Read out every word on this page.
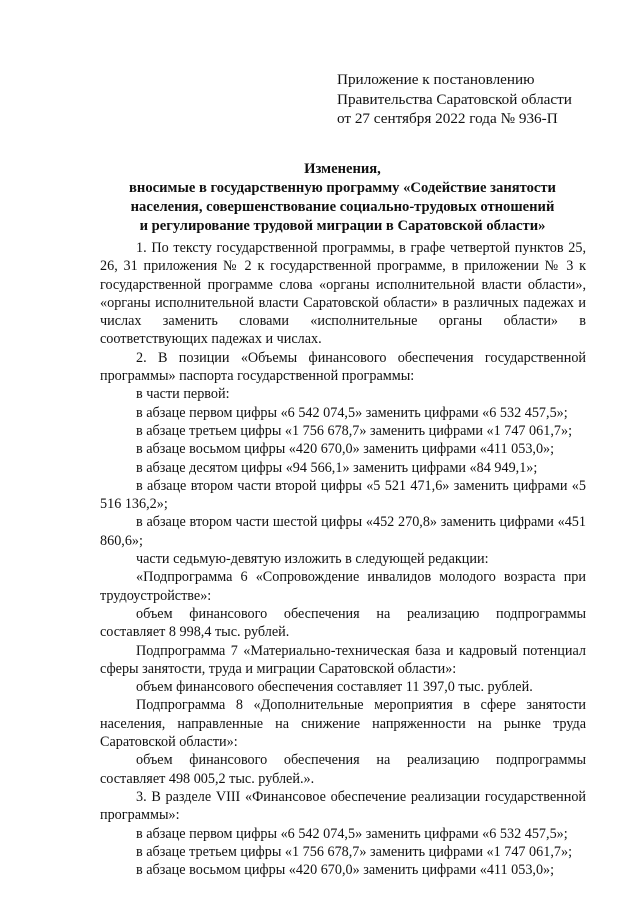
Приложение к постановлению
Правительства Саратовской области
от 27 сентября 2022 года № 936-П
Изменения,
вносимые в государственную программу «Содействие занятости
населения, совершенствование социально-трудовых отношений
и регулирование трудовой миграции в Саратовской области»

1. По тексту государственной программы, в графе четвертой пунктов 25, 26, 31 приложения № 2 к государственной программе, в приложении № 3 к государственной программе слова «органы исполнительной власти области», «органы исполнительной власти Саратовской области» в различных падежах и числах заменить словами «исполнительные органы области» в соответствующих падежах и числах.

2. В позиции «Объемы финансового обеспечения государственной программы» паспорта государственной программы:

в части первой:

в абзаце первом цифры «6 542 074,5» заменить цифрами «6 532 457,5»;

в абзаце третьем цифры «1 756 678,7» заменить цифрами «1 747 061,7»;

в абзаце восьмом цифры «420 670,0» заменить цифрами «411 053,0»;

в абзаце десятом цифры «94 566,1» заменить цифрами «84 949,1»;

в абзаце втором части второй цифры «5 521 471,6» заменить цифрами «5 516 136,2»;

в абзаце втором части шестой цифры «452 270,8» заменить цифрами «451 860,6»;

части седьмую-девятую изложить в следующей редакции:

«Подпрограмма 6 «Сопровождение инвалидов молодого возраста при трудоустройстве»:

объем финансового обеспечения на реализацию подпрограммы составляет 8 998,4 тыс. рублей.

Подпрограмма 7 «Материально-техническая база и кадровый потенциал сферы занятости, труда и миграции Саратовской области»:

объем финансового обеспечения составляет 11 397,0 тыс. рублей.

Подпрограмма 8 «Дополнительные мероприятия в сфере занятости населения, направленные на снижение напряженности на рынке труда Саратовской области»:

объем финансового обеспечения на реализацию подпрограммы составляет 498 005,2 тыс. рублей.».

3. В разделе VIII «Финансовое обеспечение реализации государственной программы»:

в абзаце первом цифры «6 542 074,5» заменить цифрами «6 532 457,5»;

в абзаце третьем цифры «1 756 678,7» заменить цифрами «1 747 061,7»;

в абзаце восьмом цифры «420 670,0» заменить цифрами «411 053,0»;
